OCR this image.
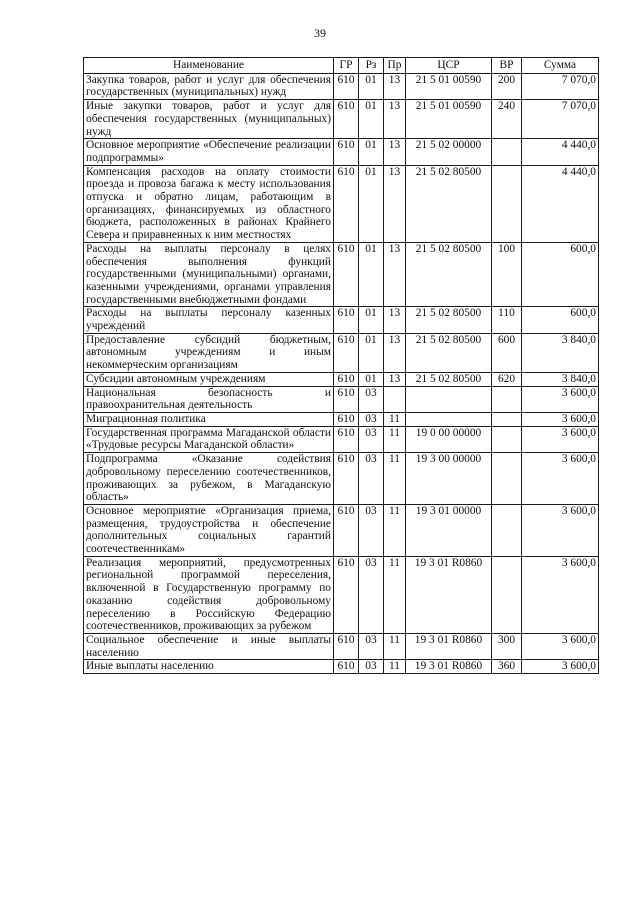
39
Наименование	ГР	Рз	Пр	ЦСР	ВР	Сумма
Закупка товаров, работ и услуг для обеспечения государственных (муниципальных) нужд	610	01	13	21 5 01 00590	200	7 070,0
Иные закупки товаров, работ и услуг для обеспечения государственных (муниципальных) нужд	610	01	13	21 5 01 00590	240	7 070,0
Основное мероприятие «Обеспечение реализации подпрограммы»	610	01	13	21 5 02 00000		4 440,0
Компенсация расходов на оплату стоимости проезда и провоза багажа к месту использования отпуска и обратно лицам, работающим в организациях, финансируемых из областного бюджета, расположенных в районах Крайнего Севера и приравненных к ним местностях	610	01	13	21 5 02 80500		4 440,0
Расходы на выплаты персоналу в целях обеспечения выполнения функций государственными (муниципальными) органами, казенными учреждениями, органами управления государственными внебюджетными фондами	610	01	13	21 5 02 80500	100	600,0
Расходы на выплаты персоналу казенных учреждений	610	01	13	21 5 02 80500	110	600,0
Предоставление субсидий бюджетным, автономным учреждениям и иным некоммерческим организациям	610	01	13	21 5 02 80500	600	3 840,0
Субсидии автономным учреждениям	610	01	13	21 5 02 80500	620	3 840,0
Национальная безопасность и правоохранительная деятельность	610	03				3 600,0
Миграционная политика	610	03	11			3 600,0
Государственная программа Магаданской области «Трудовые ресурсы Магаданской области»	610	03	11	19 0 00 00000		3 600,0
Подпрограмма «Оказание содействия добровольному переселению соотечественников, проживающих за рубежом, в Магаданскую область»	610	03	11	19 3 00 00000		3 600,0
Основное мероприятие «Организация приема, размещения, трудоустройства и обеспечение дополнительных социальных гарантий соотечественникам»	610	03	11	19 3 01 00000		3 600,0
Реализация мероприятий, предусмотренных региональной программой переселения, включенной в Государственную программу по оказанию содействия добровольному переселению в Российскую Федерацию соотечественников, проживающих за рубежом	610	03	11	19 3 01 R0860		3 600,0
Социальное обеспечение и иные выплаты населению	610	03	11	19 3 01 R0860	300	3 600,0
Иные выплаты населению	610	03	11	19 3 01 R0860	360	3 600,0
